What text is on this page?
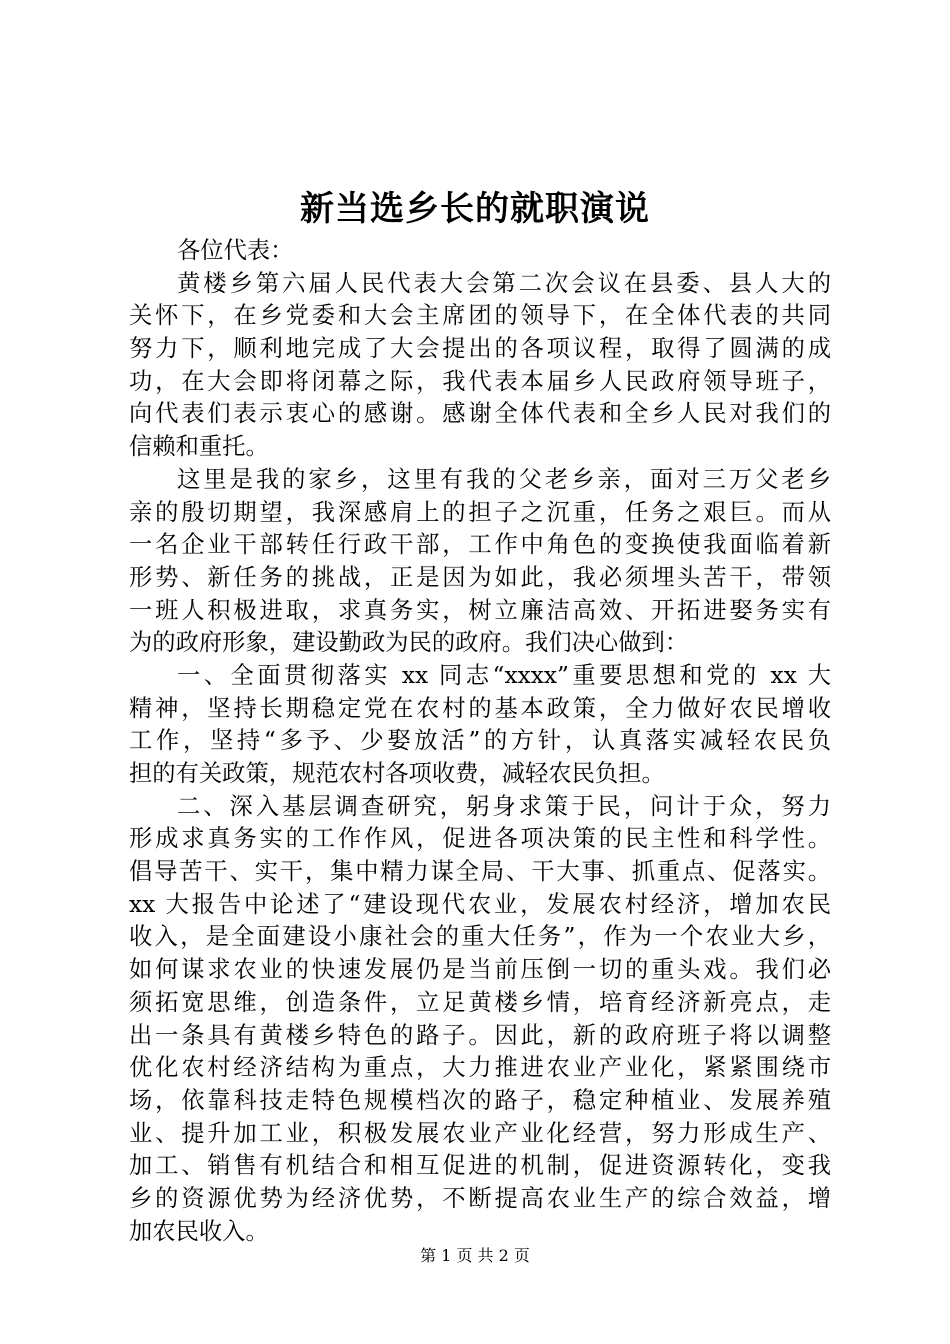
新当选乡长的就职演说
各位代表：
黄楼乡第六届人民代表大会第二次会议在县委、县人大的
关怀下，在乡党委和大会主席团的领导下，在全体代表的共同
努力下，顺利地完成了大会提出的各项议程，取得了圆满的成
功，在大会即将闭幕之际，我代表本届乡人民政府领导班子，
向代表们表示衷心的感谢。感谢全体代表和全乡人民对我们的
信赖和重托。
这里是我的家乡，这里有我的父老乡亲，面对三万父老乡
亲的殷切期望，我深感肩上的担子之沉重，任务之艰巨。而从
一名企业干部转任行政干部，工作中角色的变换使我面临着新
形势、新任务的挑战，正是因为如此，我必须埋头苦干，带领
一班人积极进取，求真务实，树立廉洁高效、开拓进娶务实有
为的政府形象，建设勤政为民的政府。我们决心做到：
一、全面贯彻落实 xx 同志“xxxx”重要思想和党的 xx 大
精神，坚持长期稳定党在农村的基本政策，全力做好农民增收
工作，坚持“多予、少娶放活”的方针，认真落实减轻农民负
担的有关政策，规范农村各项收费，减轻农民负担。
二、深入基层调查研究，躬身求策于民，问计于众，努力
形成求真务实的工作作风，促进各项决策的民主性和科学性。
倡导苦干、实干，集中精力谋全局、干大事、抓重点、促落实。
xx 大报告中论述了“建设现代农业，发展农村经济，增加农民
收入，是全面建设小康社会的重大任务”，作为一个农业大乡，
如何谋求农业的快速发展仍是当前压倒一切的重头戏。我们必
须拓宽思维，创造条件，立足黄楼乡情，培育经济新亮点，走
出一条具有黄楼乡特色的路子。因此，新的政府班子将以调整
优化农村经济结构为重点，大力推进农业产业化，紧紧围绕市
场，依靠科技走特色规模档次的路子，稳定种植业、发展养殖
业、提升加工业，积极发展农业产业化经营，努力形成生产、
加工、销售有机结合和相互促进的机制，促进资源转化，变我
乡的资源优势为经济优势，不断提高农业生产的综合效益，增
加农民收入。
第 1 页 共 2 页
